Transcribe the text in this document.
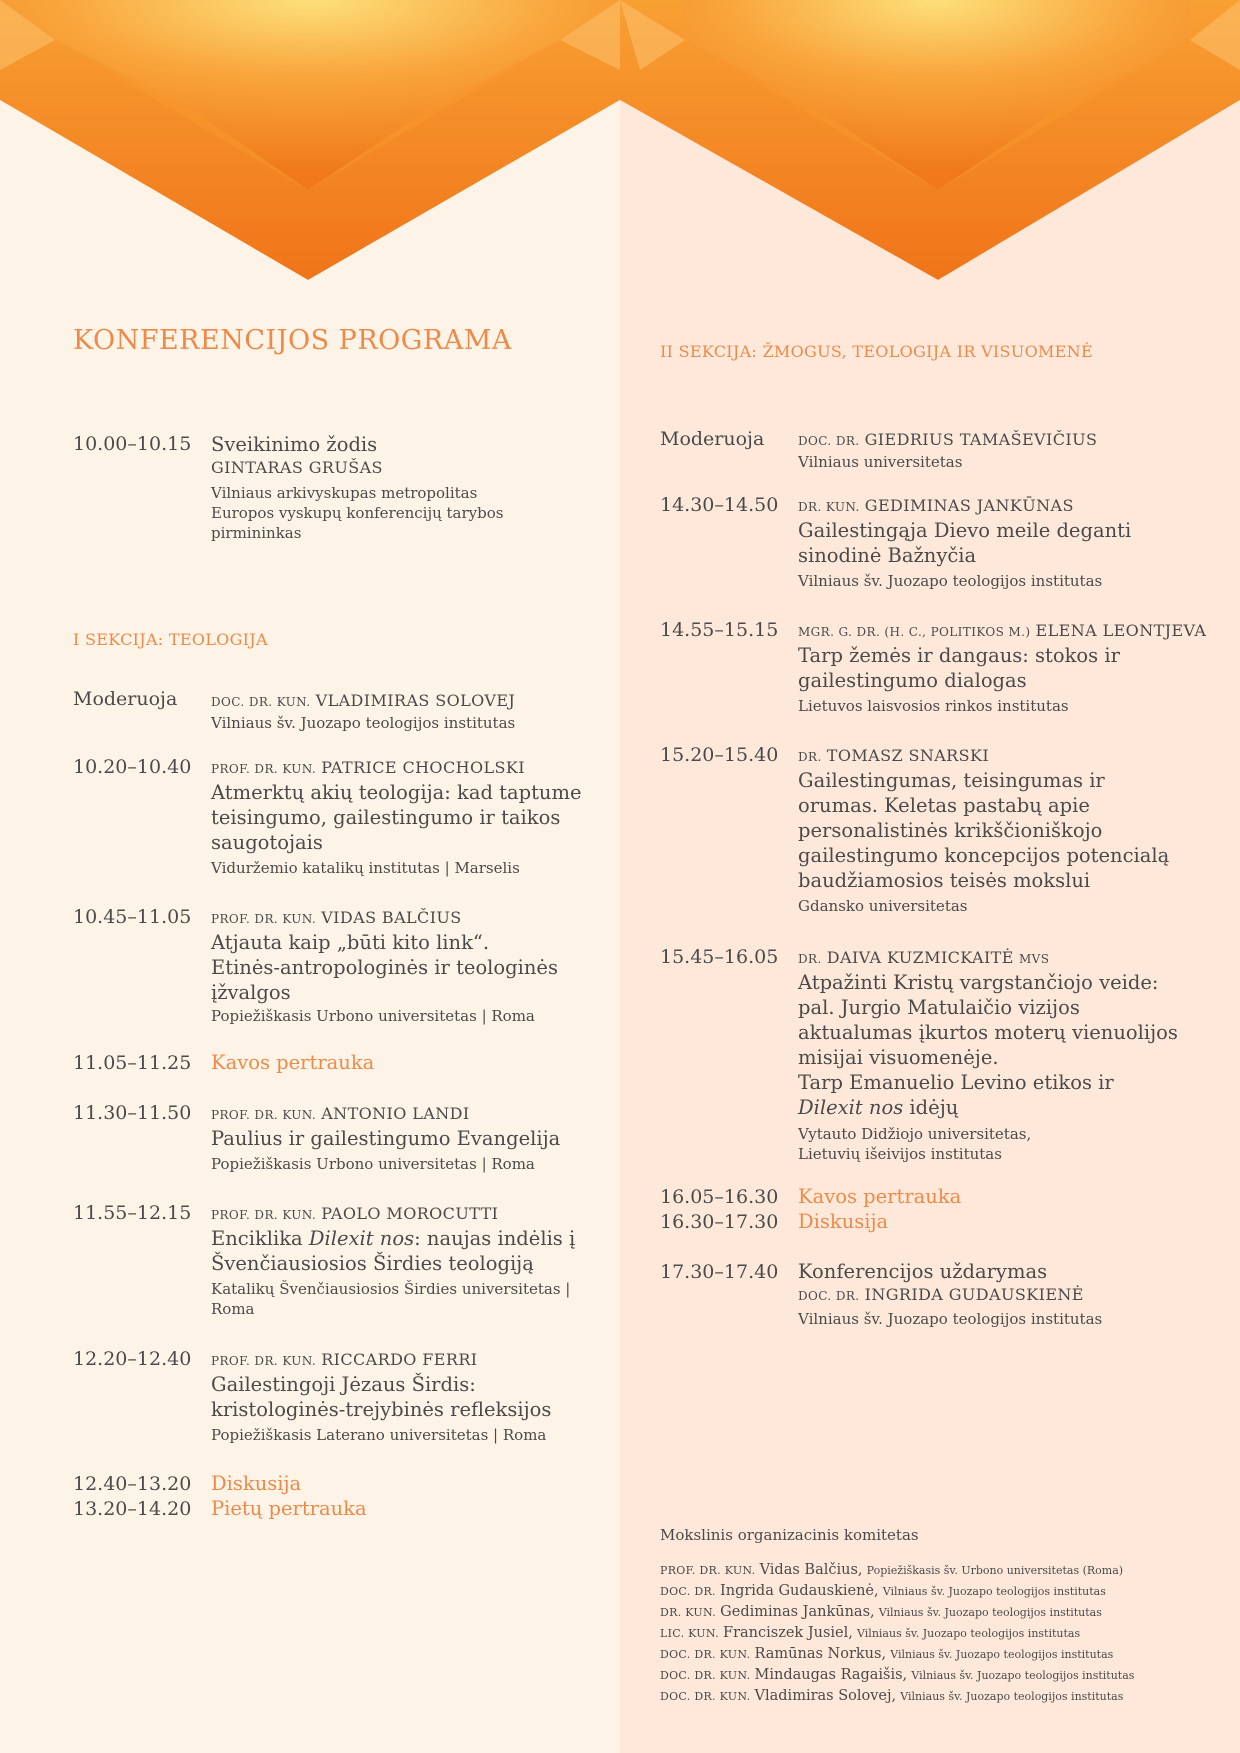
KONFERENCIJOS PROGRAMA
10.00–10.15 Sveikinimo žodis
GINTARAS GRUŠAS
Vilniaus arkivyskupas metropolitas
Europos vyskupų konferencijų tarybos
pirmininkas
I SEKCIJA: TEOLOGIJA
Moderuoja	DOC. DR. KUN. VLADIMIRAS SOLOVEJ
Vilniaus šv. Juozapo teologijos institutas
10.20–10.40 PROF. DR. KUN. PATRICE CHOCHOLSKI
Atmerktų akių teologija: kad taptume
teisingumo, gailestingumo ir taikos
saugotojais
Viduržemio katalikų institutas | Marselis
10.45–11.05 PROF. DR. KUN. VIDAS BALČIUS
Atjauta kaip „būti kito link“.
Etinės-antropologinės ir teologinės
įžvalgos
Popiežiškasis Urbono universitetas | Roma
11.05–11.25 Kavos pertrauka
11.30–11.50 PROF. DR. KUN. ANTONIO LANDI
Paulius ir gailestingumo Evangelija
Popiežiškasis Urbono universitetas | Roma
11.55–12.15 PROF. DR. KUN. PAOLO MOROCUTTI
Enciklika Dilexit nos: naujas indėlis į
Švenčiausiosios Širdies teologiją
Katalikų Švenčiausiosios Širdies universitetas |
Roma
12.20–12.40 PROF. DR. KUN. RICCARDO FERRI
Gailestingoji Jėzaus Širdis:
kristologinės-trejybinės refleksijos
Popiežiškasis Laterano universitetas | Roma
12.40–13.20 Diskusija
13.20–14.20 Pietų pertrauka
II SEKCIJA: ŽMOGUS, TEOLOGIJA IR VISUOMENĖ
Moderuoja	DOC. DR. GIEDRIUS TAMAŠEVIČIUS
Vilniaus universitetas
14.30–14.50 DR. KUN. GEDIMINAS JANKŪNAS
Gailestingąja Dievo meile deganti
sinodinė Bažnyčia
Vilniaus šv. Juozapo teologijos institutas
14.55–15.15 MGR. G. DR. (H. C., POLITIKOS M.) ELENA LEONTJEVA
Tarp žemės ir dangaus: stokos ir
gailestingumo dialogas
Lietuvos laisvosios rinkos institutas
15.20–15.40 DR. TOMASZ SNARSKI
Gailestingumas, teisingumas ir
orumas. Keletas pastabų apie
personalistinės krikščioniškojo
gailestingumo koncepcijos potencialą
baudžiamosios teisės mokslui
Gdansko universitetas
15.45–16.05 DR. DAIVA KUZMICKAITĖ MVS
Atpažinti Kristų vargstančiojo veide:
pal. Jurgio Matulaičio vizijos
aktualumas įkurtos moterų vienuolijos
misijai visuomenėje.
Tarp Emanuelio Levino etikos ir
Dilexit nos idėjų
Vytauto Didžiojo universitetas,
Lietuvių išeivijos institutas
16.05–16.30 Kavos pertrauka
16.30–17.30 Diskusija
17.30–17.40 Konferencijos uždarymas
DOC. DR. INGRIDA GUDAUSKIENĖ
Vilniaus šv. Juozapo teologijos institutas
Mokslinis organizacinis komitetas
PROF. DR. KUN. Vidas Balčius, Popiežiškasis šv. Urbono universitetas (Roma)
DOC. DR. Ingrida Gudauskienė, Vilniaus šv. Juozapo teologijos institutas
DR. KUN. Gediminas Jankūnas, Vilniaus šv. Juozapo teologijos institutas
LIC. KUN. Franciszek Jusiel, Vilniaus šv. Juozapo teologijos institutas
DOC. DR. KUN. Ramūnas Norkus, Vilniaus šv. Juozapo teologijos institutas
DOC. DR. KUN. Mindaugas Ragaišis, Vilniaus šv. Juozapo teologijos institutas
DOC. DR. KUN. Vladimiras Solovej, Vilniaus šv. Juozapo teologijos institutas
